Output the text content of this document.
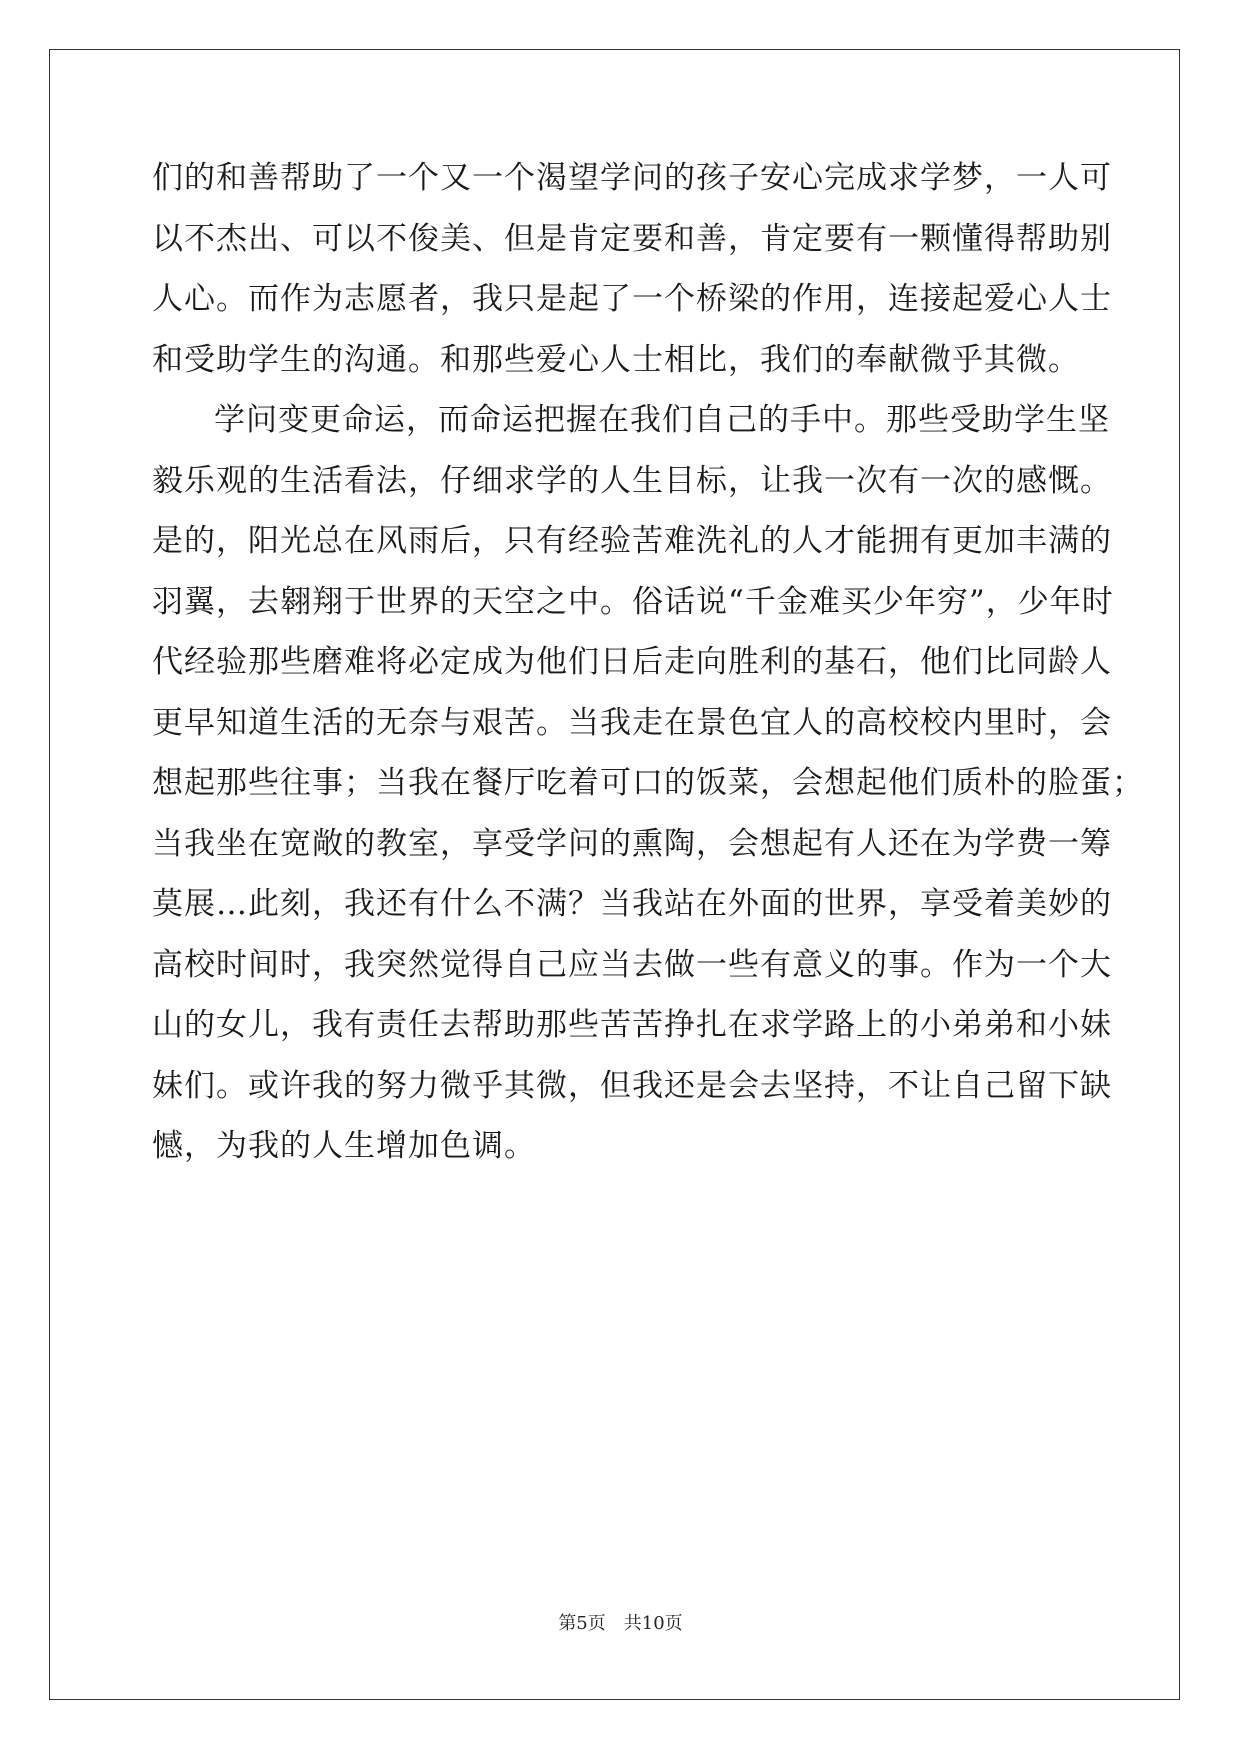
们的和善帮助了一个又一个渴望学问的孩子安心完成求学梦，一人可
以不杰出、可以不俊美、但是肯定要和善，肯定要有一颗懂得帮助别
人心。而作为志愿者，我只是起了一个桥梁的作用，连接起爱心人士
和受助学生的沟通。和那些爱心人士相比，我们的奉献微乎其微。
学问变更命运，而命运把握在我们自己的手中。那些受助学生坚
毅乐观的生活看法，仔细求学的人生目标，让我一次有一次的感慨。
是的，阳光总在风雨后，只有经验苦难洗礼的人才能拥有更加丰满的
羽翼，去翱翔于世界的天空之中。俗话说“千金难买少年穷”，少年时
代经验那些磨难将必定成为他们日后走向胜利的基石，他们比同龄人
更早知道生活的无奈与艰苦。当我走在景色宜人的高校校内里时，会
想起那些往事；当我在餐厅吃着可口的饭菜，会想起他们质朴的脸蛋；
当我坐在宽敞的教室，享受学问的熏陶，会想起有人还在为学费一筹
莫展…此刻，我还有什么不满？当我站在外面的世界，享受着美妙的
高校时间时，我突然觉得自己应当去做一些有意义的事。作为一个大
山的女儿，我有责任去帮助那些苦苦挣扎在求学路上的小弟弟和小妹
妹们。或许我的努力微乎其微，但我还是会去坚持，不让自己留下缺
憾，为我的人生增加色调。
第5页 共10页
